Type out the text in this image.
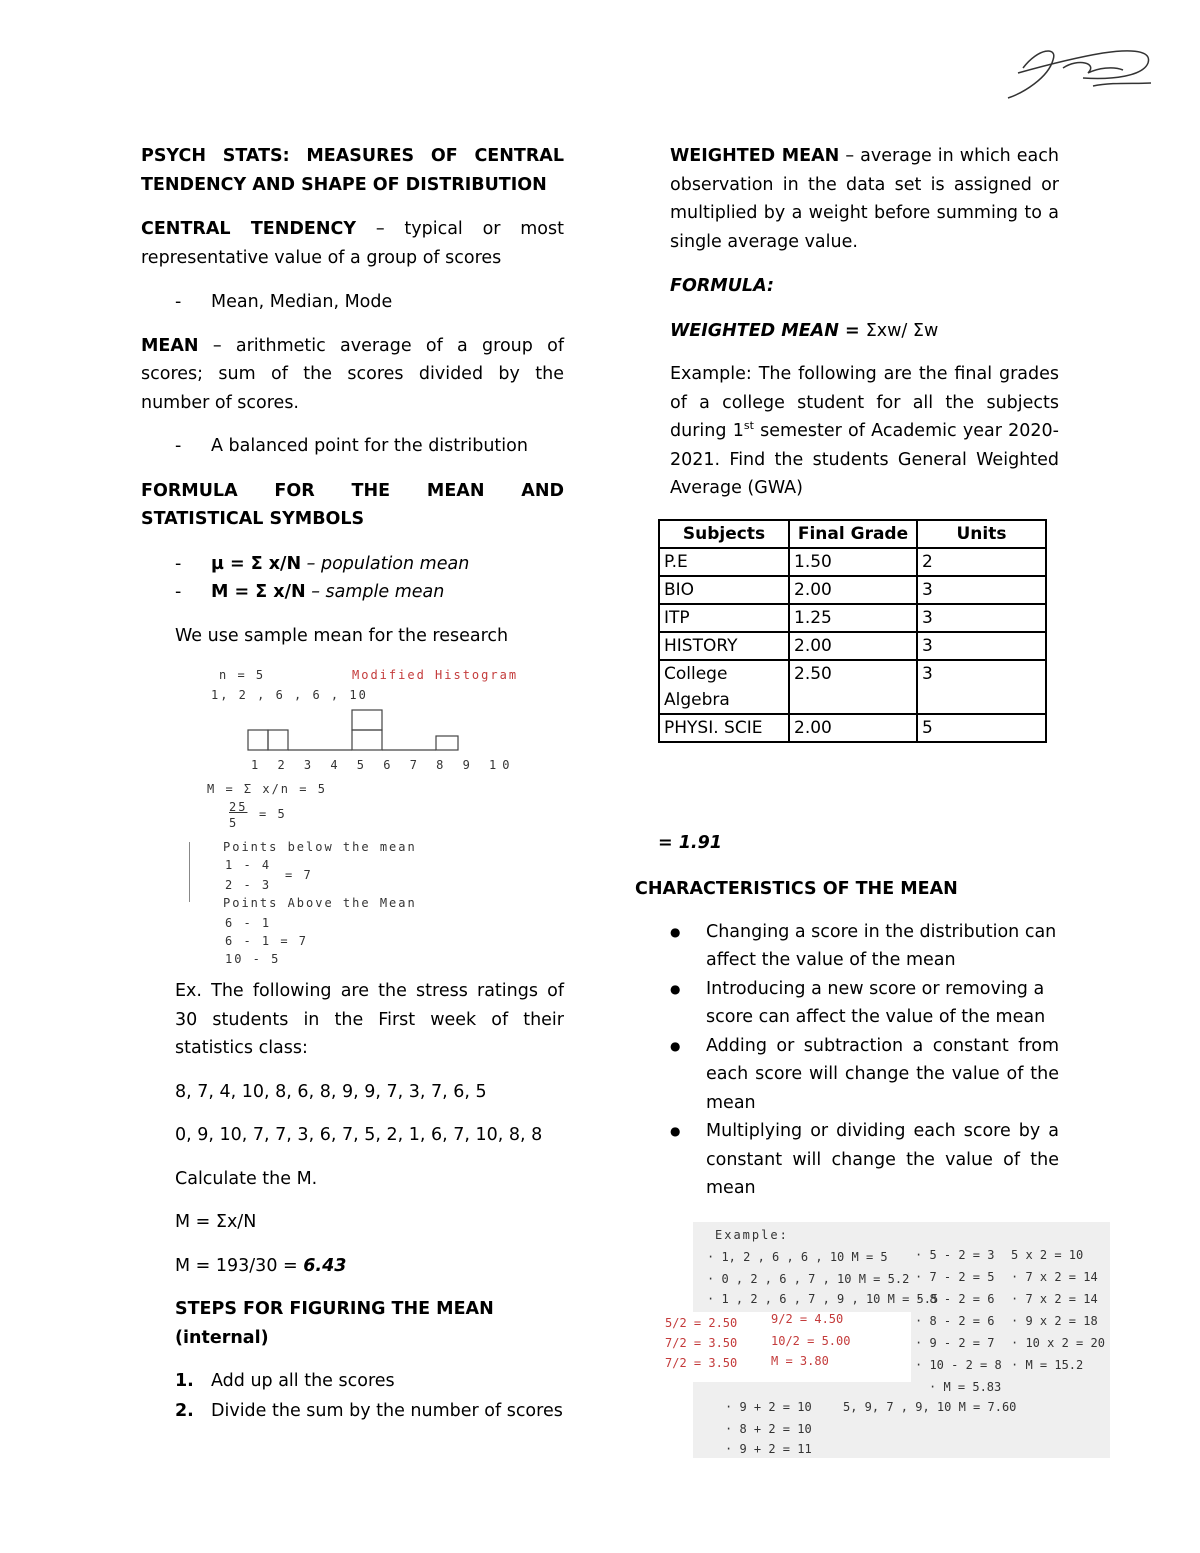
PSYCH STATS: MEASURES OF CENTRAL TENDENCY AND SHAPE OF DISTRIBUTION

CENTRAL TENDENCY – typical or most representative value of a group of scores

-	Mean, Median, Mode

MEAN – arithmetic average of a group of scores; sum of the scores divided by the number of scores.

-	A balanced point for the distribution

FORMULA FOR THE MEAN AND STATISTICAL SYMBOLS

-	µ = Σ x/N – population mean
-	M = Σ x/N – sample mean

We use sample mean for the research

n = 5	Modified Histogram
1, 2 , 6 , 6 , 10
1 2 3 4 5 6 7 8 9 10
M = Σ x/n = 5
25
5
= 5
Points below the mean
1 - 4
2 - 3
= 7
Points Above the Mean
6 - 1
6 - 1 = 7
10 - 5

Ex. The following are the stress ratings of 30 students in the First week of their statistics class:

8, 7, 4, 10, 8, 6, 8, 9, 9, 7, 3, 7, 6, 5

0, 9, 10, 7, 7, 3, 6, 7, 5, 2, 1, 6, 7, 10, 8, 8

Calculate the M.

M = Σx/N

M = 193/30 = 6.43

STEPS FOR FIGURING THE MEAN (internal)

1. Add up all the scores
2. Divide the sum by the number of scores

WEIGHTED MEAN – average in which each observation in the data set is assigned or multiplied by a weight before summing to a single average value.

FORMULA:

WEIGHTED MEAN = Σxw/ Σw

Example: The following are the final grades of a college student for all the subjects during 1st semester of Academic year 2020-2021. Find the students General Weighted Average (GWA)

Subjects	Final Grade	Units
P.E	1.50	2
BIO	2.00	3
ITP	1.25	3
HISTORY	2.00	3
College Algebra	2.50	3
PHYSI. SCIE	2.00	5

= 1.91

CHARACTERISTICS OF THE MEAN

●	Changing a score in the distribution can affect the value of the mean
●	Introducing a new score or removing a score can affect the value of the mean
●	Adding or subtraction a constant from each score will change the value of the mean
●	Multiplying or dividing each score by a constant will change the value of the mean
Example:
· 1, 2 , 6 , 6 , 10 M = 5
· 0 , 2 , 6 , 7 , 10 M = 5.2
· 1 , 2 , 6 , 7 , 9 , 10 M = 5.5
· 5 - 2 = 3 5 x 2 = 10
· 7 - 2 = 5 · 7 x 2 = 14
· 8 - 2 = 6 · 7 x 2 = 14
· 8 - 2 = 6 · 9 x 2 = 18
· 9 - 2 = 7 · 10 x 2 = 20
· 10 - 2 = 8 · M = 15.2
· M = 5.83
5/2 = 2.50	9/2 = 4.50
7/2 = 3.50	10/2 = 5.00
7/2 = 3.50	M = 3.80
· 9 + 2 = 10	5, 9, 7 , 9, 10 M = 7.60
· 8 + 2 = 10
· 9 + 2 = 11
